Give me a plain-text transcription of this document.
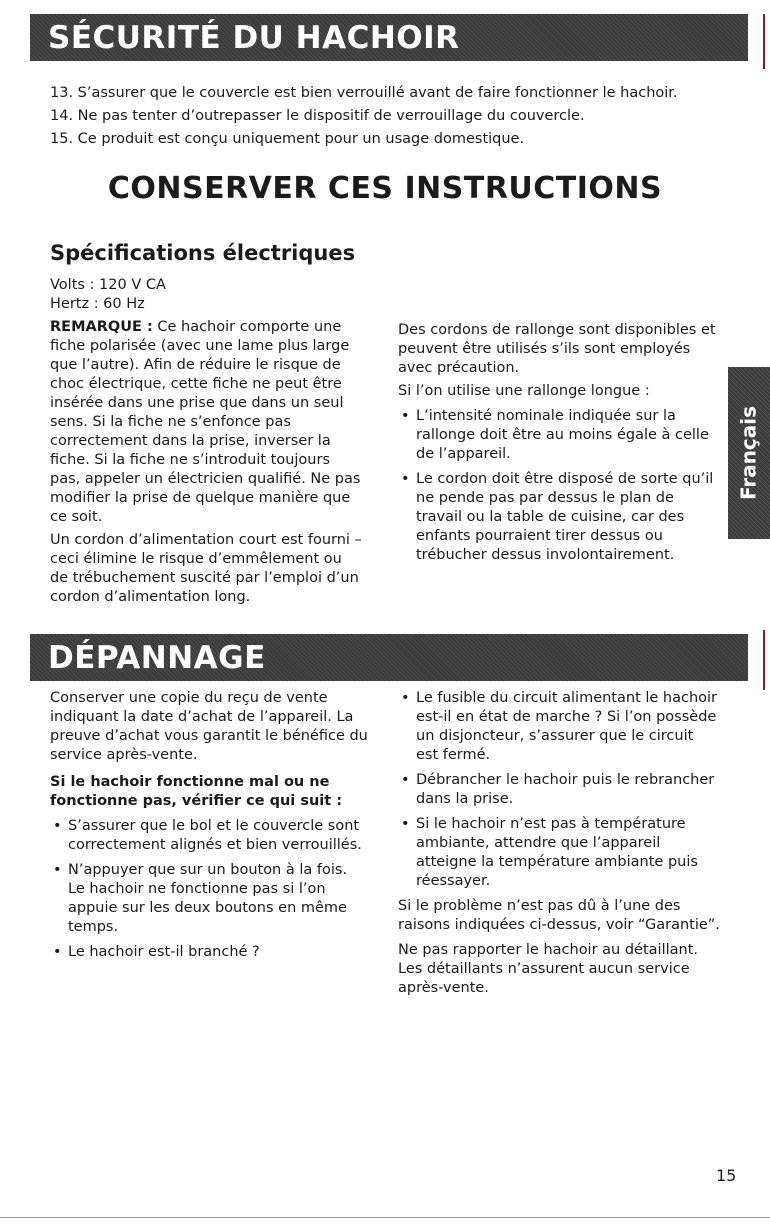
SÉCURITÉ DU HACHOIR
13. S’assurer que le couvercle est bien verrouillé avant de faire fonctionner le hachoir.
14. Ne pas tenter d’outrepasser le dispositif de verrouillage du couvercle.
15. Ce produit est conçu uniquement pour un usage domestique.
CONSERVER CES INSTRUCTIONS
Spécifications électriques

Volts : 120 V CA

Hertz : 60 Hz

REMARQUE : Ce hachoir comporte une fiche polarisée (avec une lame plus large que l’autre). Afin de réduire le risque de choc électrique, cette fiche ne peut être insérée dans une prise que dans un seul sens. Si la fiche ne s’enfonce pas correctement dans la prise, inverser la fiche. Si la fiche ne s’introduit toujours pas, appeler un électricien qualifié. Ne pas modifier la prise de quelque manière que ce soit.

Un cordon d’alimentation court est fourni – ceci élimine le risque d’emmêlement ou de trébuchement suscité par l’emploi d’un cordon d’alimentation long.

Des cordons de rallonge sont disponibles et peuvent être utilisés s’ils sont employés avec précaution.

Si l’on utilise une rallonge longue :

• L’intensité nominale indiquée sur la rallonge doit être au moins égale à celle de l’appareil.
• Le cordon doit être disposé de sorte qu’il ne pende pas par dessus le plan de travail ou la table de cuisine, car des enfants pourraient tirer dessus ou trébucher dessus involontairement.
Français
DÉPANNAGE

Conserver une copie du reçu de vente indiquant la date d’achat de l’appareil. La preuve d’achat vous garantit le bénéfice du service après-vente.

Si le hachoir fonctionne mal ou ne fonctionne pas, vérifier ce qui suit :

• S’assurer que le bol et le couvercle sont correctement alignés et bien verrouillés.
• N’appuyer que sur un bouton à la fois. Le hachoir ne fonctionne pas si l’on appuie sur les deux boutons en même temps.
• Le hachoir est-il branché ?
• Le fusible du circuit alimentant le hachoir est-il en état de marche ? Si l’on possède un disjoncteur, s’assurer que le circuit est fermé.
• Débrancher le hachoir puis le rebrancher dans la prise.
• Si le hachoir n’est pas à température ambiante, attendre que l’appareil atteigne la température ambiante puis réessayer.

Si le problème n’est pas dû à l’une des raisons indiquées ci-dessus, voir “Garantie”.

Ne pas rapporter le hachoir au détaillant. Les détaillants n’assurent aucun service après-vente.

15
